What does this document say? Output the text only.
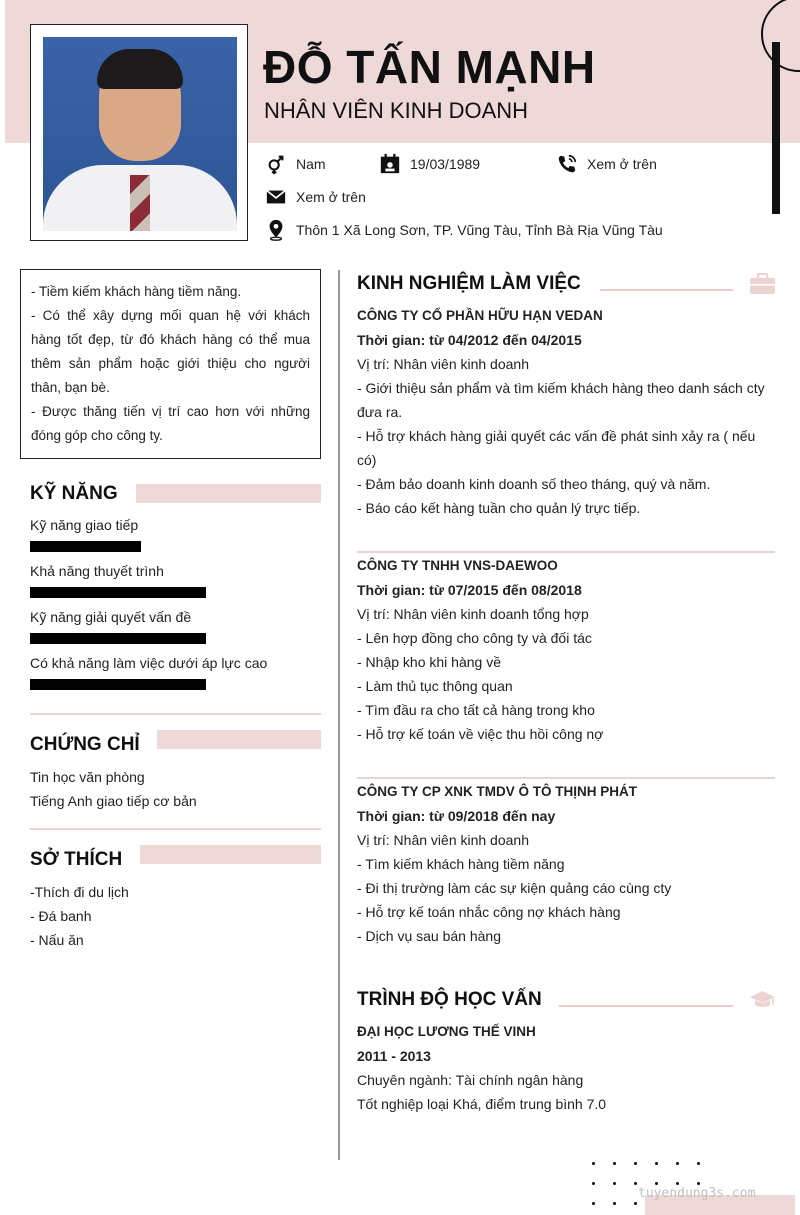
ĐỖ TẤN MẠNH
NHÂN VIÊN KINH DOANH
Nam	19/03/1989	Xem ở trên
Xem ở trên
Thôn 1 Xã Long Sơn, TP. Vũng Tàu, Tỉnh Bà Rịa Vũng Tàu
- Tiềm kiếm khách hàng tiềm năng.
- Có thể xây dựng mối quan hệ với khách hàng tốt đẹp, từ đó khách hàng có thể mua thêm sản phẩm hoặc giới thiệu cho người thân, bạn bè.
- Được thăng tiến vị trí cao hơn với những đóng góp cho công ty.
KỸ NĂNG
Kỹ năng giao tiếp
Khả năng thuyết trình
Kỹ năng giải quyết vấn đề
Có khả năng làm việc dưới áp lực cao
CHỨNG CHỈ
Tin học văn phòng
Tiếng Anh giao tiếp cơ bản
SỞ THÍCH
-Thích đi du lịch
- Đá banh
- Nấu ăn
KINH NGHIỆM LÀM VIỆC
CÔNG TY CỔ PHẦN HỮU HẠN VEDAN
Thời gian: từ 04/2012 đến 04/2015
Vị trí: Nhân viên kinh doanh
- Giới thiệu sản phẩm và tìm kiếm khách hàng theo danh sách cty đưa ra.
- Hỗ trợ khách hàng giải quyết các vấn đề phát sinh xảy ra ( nếu có)
- Đảm bảo doanh kinh doanh số theo tháng, quý và năm.
- Báo cáo kết hàng tuần cho quản lý trực tiếp.
CÔNG TY TNHH VNS-DAEWOO
Thời gian: từ 07/2015 đến 08/2018
Vị trí: Nhân viên kinh doanh tổng hợp
- Lên hợp đồng cho công ty và đối tác
- Nhập kho khi hàng về
- Làm thủ tục thông quan
- Tìm đầu ra cho tất cả hàng trong kho
- Hỗ trợ kế toán về việc thu hồi công nợ
CÔNG TY CP XNK TMDV Ô TÔ THỊNH PHÁT
Thời gian: từ 09/2018 đến nay
Vị trí: Nhân viên kinh doanh
- Tìm kiếm khách hàng tiềm năng
- Đi thị trường làm các sự kiện quảng cáo cùng cty
- Hỗ trợ kế toán nhắc công nợ khách hàng
- Dịch vụ sau bán hàng
TRÌNH ĐỘ HỌC VẤN
ĐẠI HỌC LƯƠNG THẾ VINH
2011 - 2013
Chuyên ngành: Tài chính ngân hàng
Tốt nghiệp loại Khá, điểm trung bình 7.0
tuyendung3s.com
